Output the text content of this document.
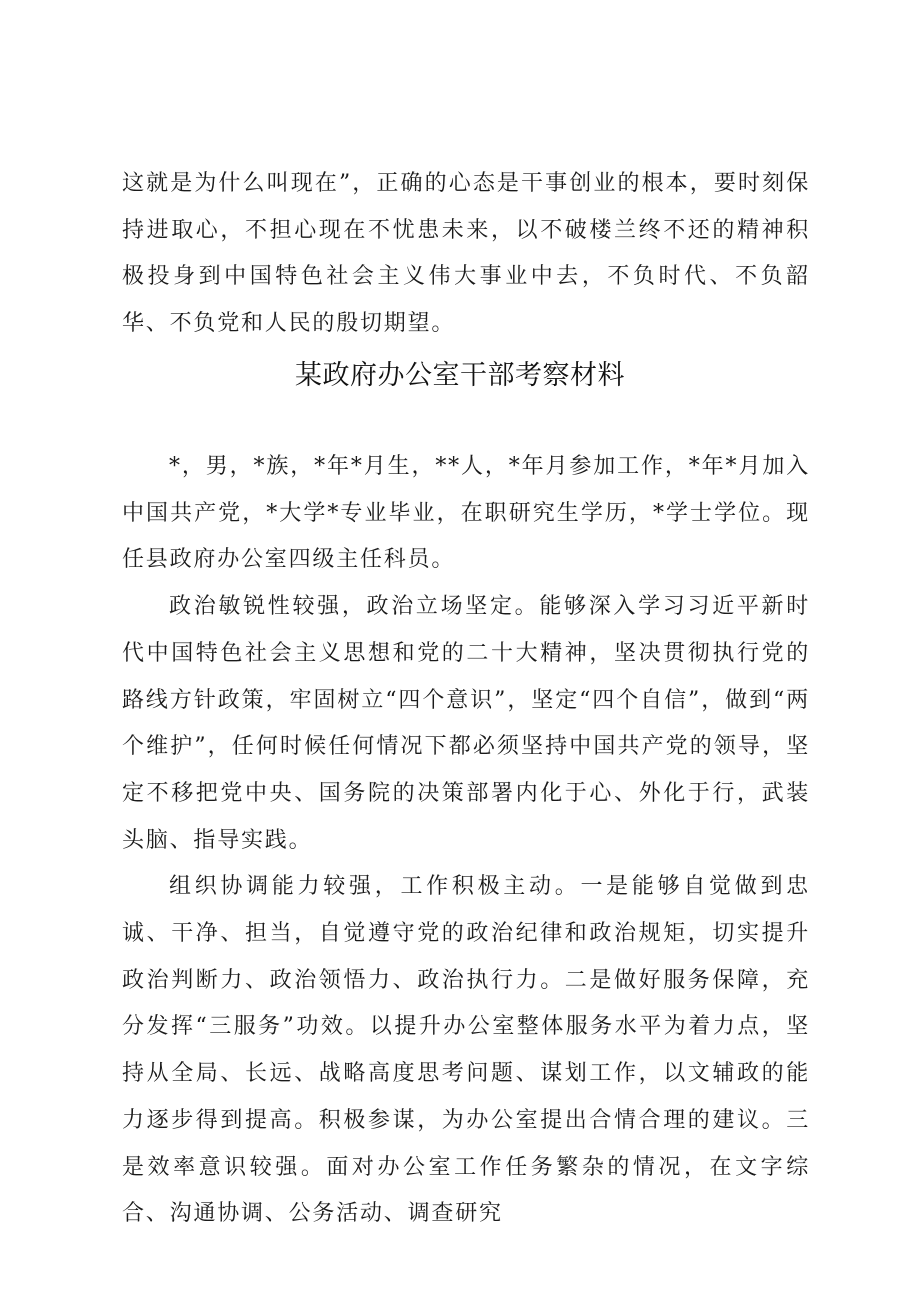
这就是为什么叫现在”，正确的心态是干事创业的根本，要时刻保持进取心，不担心现在不忧患未来，以不破楼兰终不还的精神积极投身到中国特色社会主义伟大事业中去，不负时代、不负韶华、不负党和人民的殷切期望。

某政府办公室干部考察材料

*，男，*族，*年*月生，**人，*年月参加工作，*年*月加入中国共产党，*大学*专业毕业，在职研究生学历，*学士学位。现任县政府办公室四级主任科员。

政治敏锐性较强，政治立场坚定。能够深入学习习近平新时代中国特色社会主义思想和党的二十大精神，坚决贯彻执行党的路线方针政策，牢固树立“四个意识”，坚定“四个自信”，做到“两个维护”，任何时候任何情况下都必须坚持中国共产党的领导，坚定不移把党中央、国务院的决策部署内化于心、外化于行，武装头脑、指导实践。

组织协调能力较强，工作积极主动。一是能够自觉做到忠诚、干净、担当，自觉遵守党的政治纪律和政治规矩，切实提升政治判断力、政治领悟力、政治执行力。二是做好服务保障，充分发挥“三服务”功效。以提升办公室整体服务水平为着力点，坚持从全局、长远、战略高度思考问题、谋划工作，以文辅政的能力逐步得到提高。积极参谋，为办公室提出合情合理的建议。三是效率意识较强。面对办公室工作任务繁杂的情况，在文字综合、沟通协调、公务活动、调查研究
